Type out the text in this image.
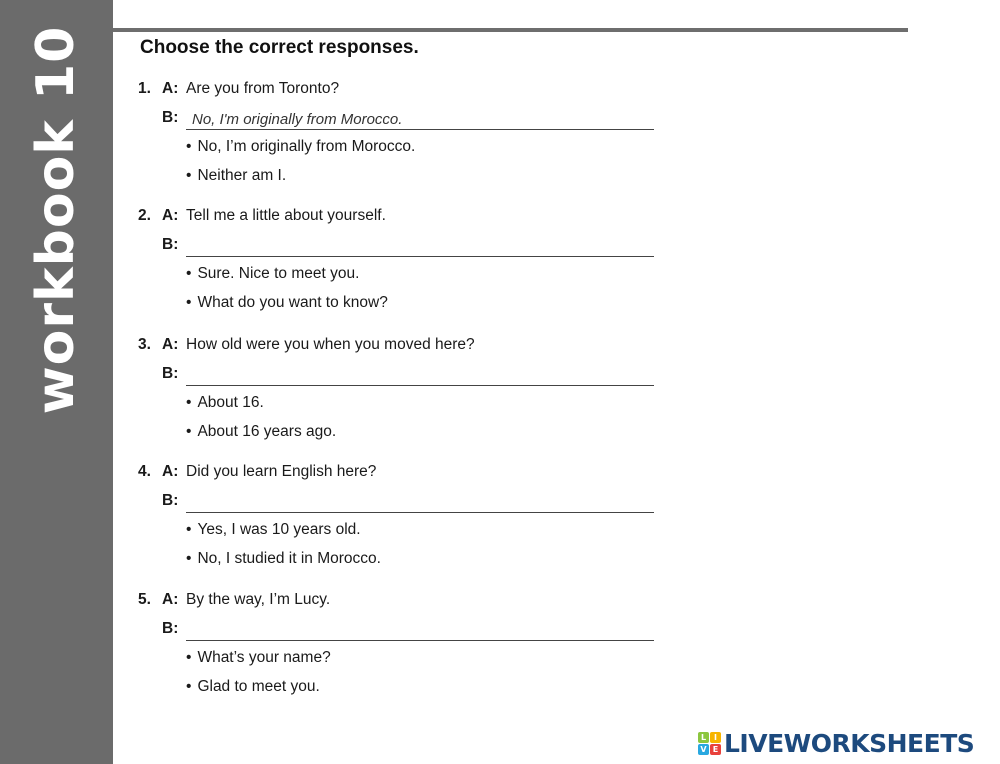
workbook 10	Choose the correct responses.
1. A: Are you from Toronto?
B:
No, I'm originally from Morocco.
• No, I’m originally from Morocco.
• Neither am I.
2. A: Tell me a little about yourself.
B:
• Sure. Nice to meet you.
• What do you want to know?
3. A: How old were you when you moved here?
B:
• About 16.
• About 16 years ago.
4. A: Did you learn English here?
B:
• Yes, I was 10 years old.
• No, I studied it in Morocco.
5. A: By the way, I’m Lucy.
B:
• What’s your name?
• Glad to meet you.
L I
V E LIVEWORKSHEETS
